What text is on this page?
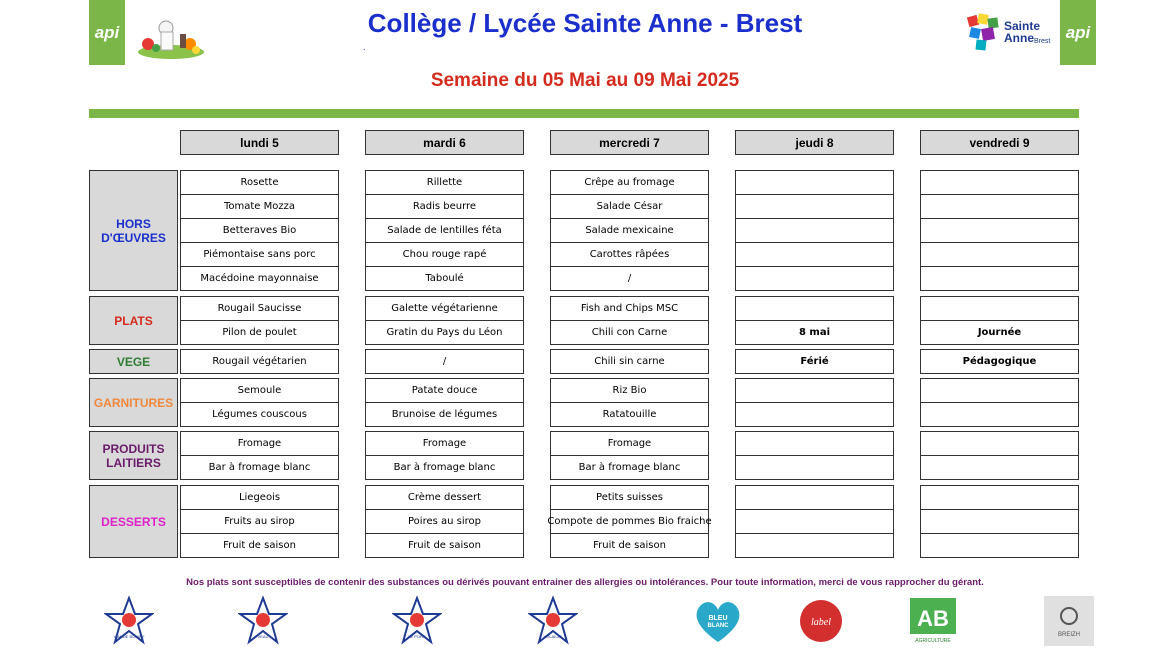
api	Collège / Lycée Sainte Anne - Brest
.
Sainte Anne Brest api
Semaine du 05 Mai au 09 Mai 2025
lundi 5	mardi 6	mercredi 7	jeudi 8	vendredi 9
HORS D'ŒUVRES
Rosette	Rillette	Crêpe au fromage
Tomate Mozza	Radis beurre	Salade César
Betteraves Bio	Salade de lentilles féta	Salade mexicaine
Piémontaise sans porc	Chou rouge rapé	Carottes râpées
Macédoine mayonnaise	Taboulé	/
PLATS
Rougail Saucisse	Galette végétarienne	Fish and Chips MSC
Pilon de poulet	Gratin du Pays du Léon	Chili con Carne	8 mai	Journée
VEGE	Rougail végétarien	/	Chili sin carne	Férié	Pédagogique
GARNITURES
Semoule	Patate douce	Riz Bio
Légumes couscous	Brunoise de légumes	Ratatouille
PRODUITS LAITIERS
Fromage	Fromage	Fromage
Bar à fromage blanc	Bar à fromage blanc	Bar à fromage blanc
DESSERTS
Liegeois	Crème dessert	Petits suisses
Fruits au sirop	Poires au sirop	Compote de pommes Bio fraiche
Fruit de saison	Fruit de saison	Fruit de saison
Nos plats sont susceptibles de contenir des substances ou dérivés pouvant entrainer des allergies ou intolérances. Pour toute information, merci de vous rapprocher du gérant.
VIANDE BOVINE	VEAU	LE PORC	VOLAILLE
BLEU
BLANC	label	AB
AGRICULTURE
BREIZH
